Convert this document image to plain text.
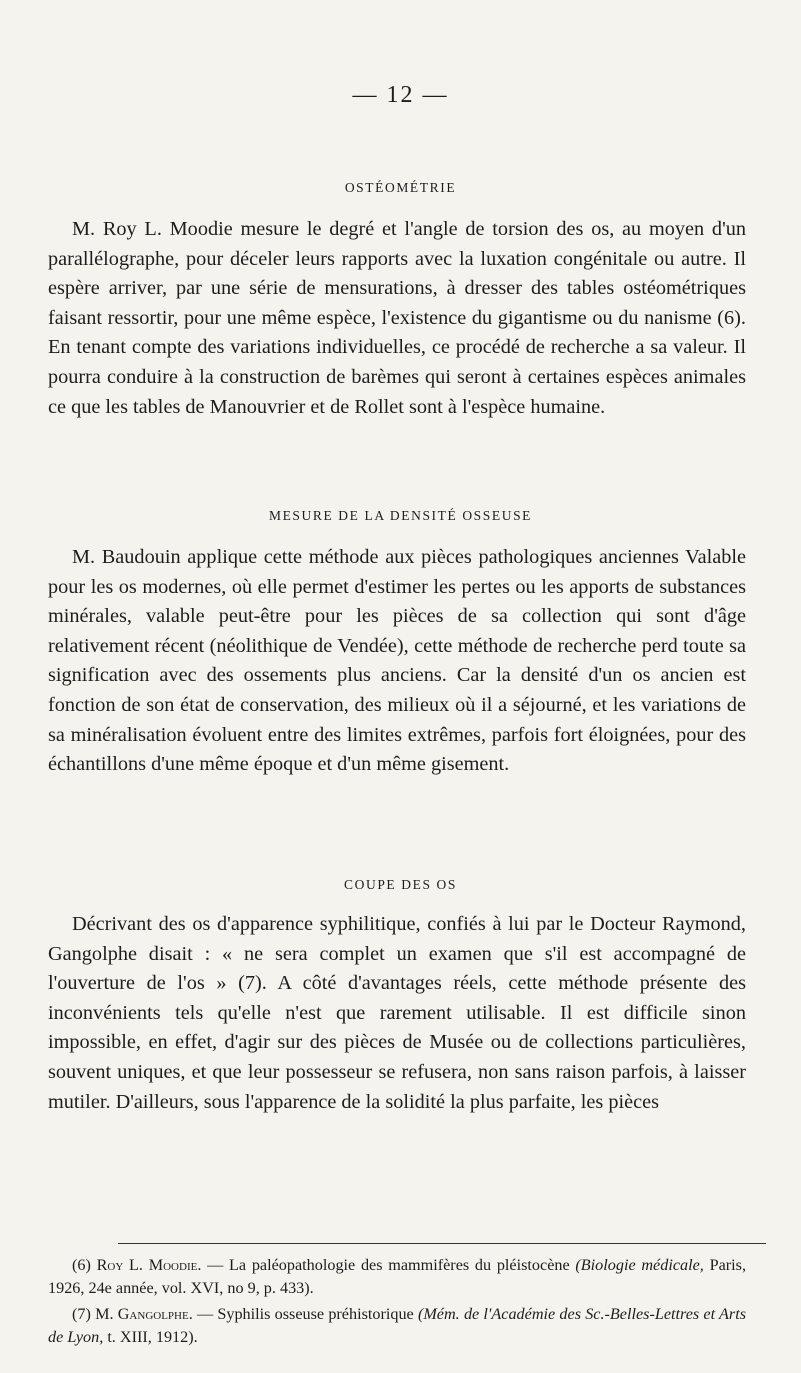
— 12 —
OSTÉOMÉTRIE

M. Roy L. Moodie mesure le degré et l'angle de torsion des os, au moyen d'un parallélographe, pour déceler leurs rapports avec la luxation congénitale ou autre. Il espère arriver, par une série de mensurations, à dresser des tables ostéométriques faisant ressortir, pour une même espèce, l'existence du gigantisme ou du nanisme (6). En tenant compte des variations individuelles, ce procédé de recherche a sa valeur. Il pourra conduire à la construction de barèmes qui seront à certaines espèces animales ce que les tables de Manouvrier et de Rollet sont à l'espèce humaine.

MESURE DE LA DENSITÉ OSSEUSE

M. Baudouin applique cette méthode aux pièces pathologiques anciennes Valable pour les os modernes, où elle permet d'estimer les pertes ou les apports de substances minérales, valable peut-être pour les pièces de sa collection qui sont d'âge relativement récent (néolithique de Vendée), cette méthode de recherche perd toute sa signification avec des ossements plus anciens. Car la densité d'un os ancien est fonction de son état de conservation, des milieux où il a séjourné, et les variations de sa minéralisation évoluent entre des limites extrêmes, parfois fort éloignées, pour des échantillons d'une même époque et d'un même gisement.

COUPE DES OS

Décrivant des os d'apparence syphilitique, confiés à lui par le Docteur Raymond, Gangolphe disait : « ne sera complet un examen que s'il est accompagné de l'ouverture de l'os » (7). A côté d'avantages réels, cette méthode présente des inconvénients tels qu'elle n'est que rarement utilisable. Il est difficile sinon impossible, en effet, d'agir sur des pièces de Musée ou de collections particulières, souvent uniques, et que leur possesseur se refusera, non sans raison parfois, à laisser mutiler. D'ailleurs, sous l'apparence de la solidité la plus parfaite, les pièces

(6) Roy L. Moodie. — La paléopathologie des mammifères du pléistocène (Biologie médicale, Paris, 1926, 24e année, vol. XVI, no 9, p. 433).

(7) M. Gangolphe. — Syphilis osseuse préhistorique (Mém. de l'Académie des Sc.-Belles-Lettres et Arts de Lyon, t. XIII, 1912).
